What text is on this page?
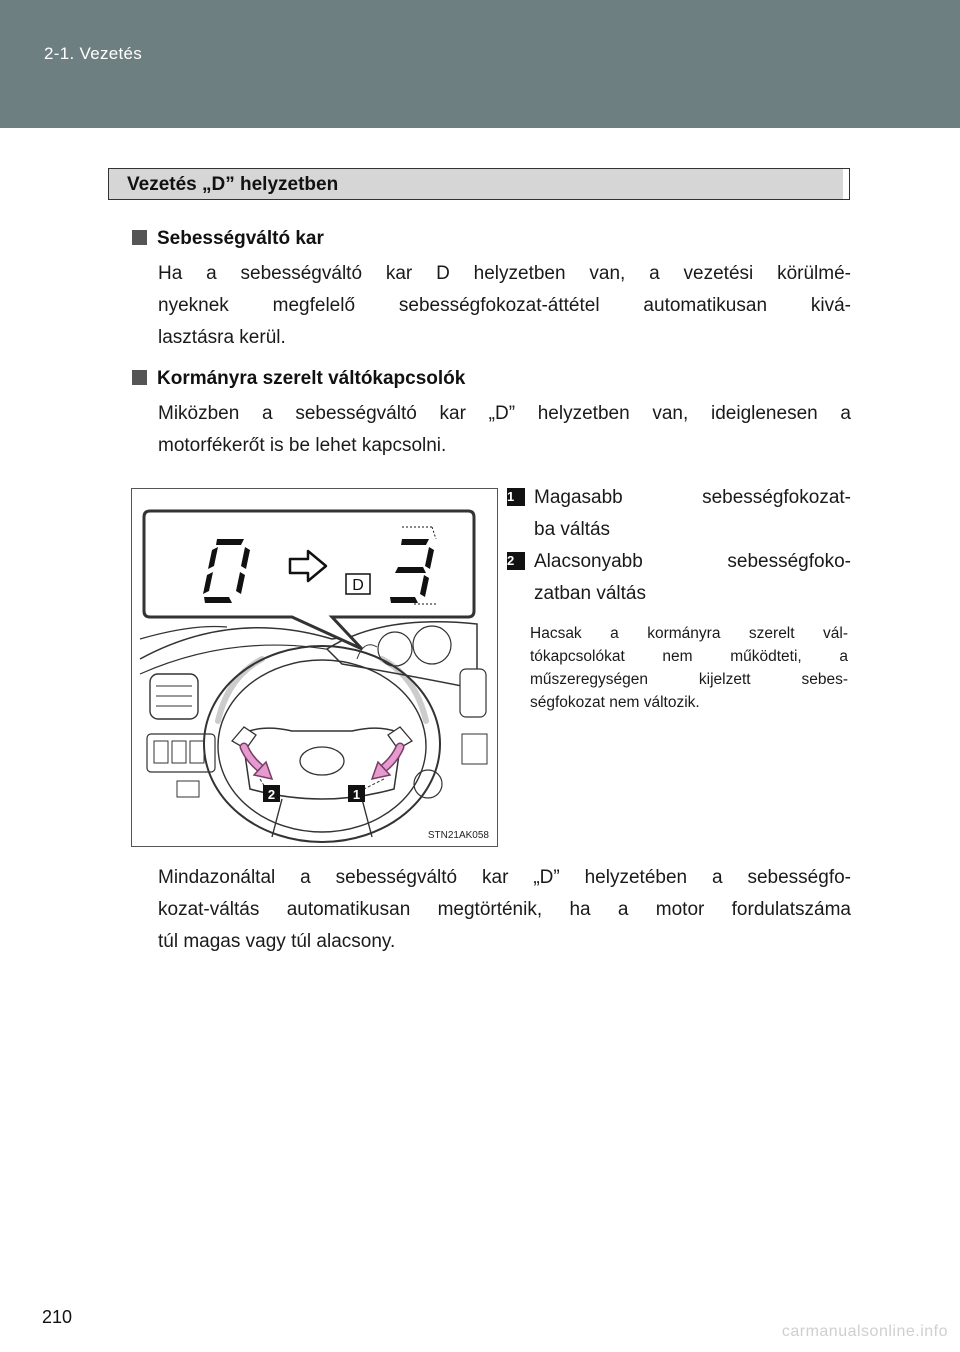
2-1. Vezetés
Vezetés „D” helyzetben
Sebességváltó kar
Ha a sebességváltó kar D helyzetben van, a vezetési körülmé-
nyeknek megfelelő sebességfokozat-áttétel automatikusan kivá-
lasztásra kerül.
Kormányra szerelt váltókapcsolók
Miközben a sebességváltó kar „D” helyzetben van, ideiglenesen a
motorfékerőt is be lehet kapcsolni.
2	1
D
STN21AK058
1 Magasabb sebességfokozat-
ba váltás
2 Alacsonyabb sebességfoko-
zatban váltás
Hacsak a kormányra szerelt vál-
tókapcsolókat nem működteti, a
műszeregységen kijelzett sebes-
ségfokozat nem változik.
Mindazonáltal a sebességváltó kar „D” helyzetében a sebességfo-
kozat-váltás automatikusan megtörténik, ha a motor fordulatszáma
túl magas vagy túl alacsony.
210
carmanualsonline.info
